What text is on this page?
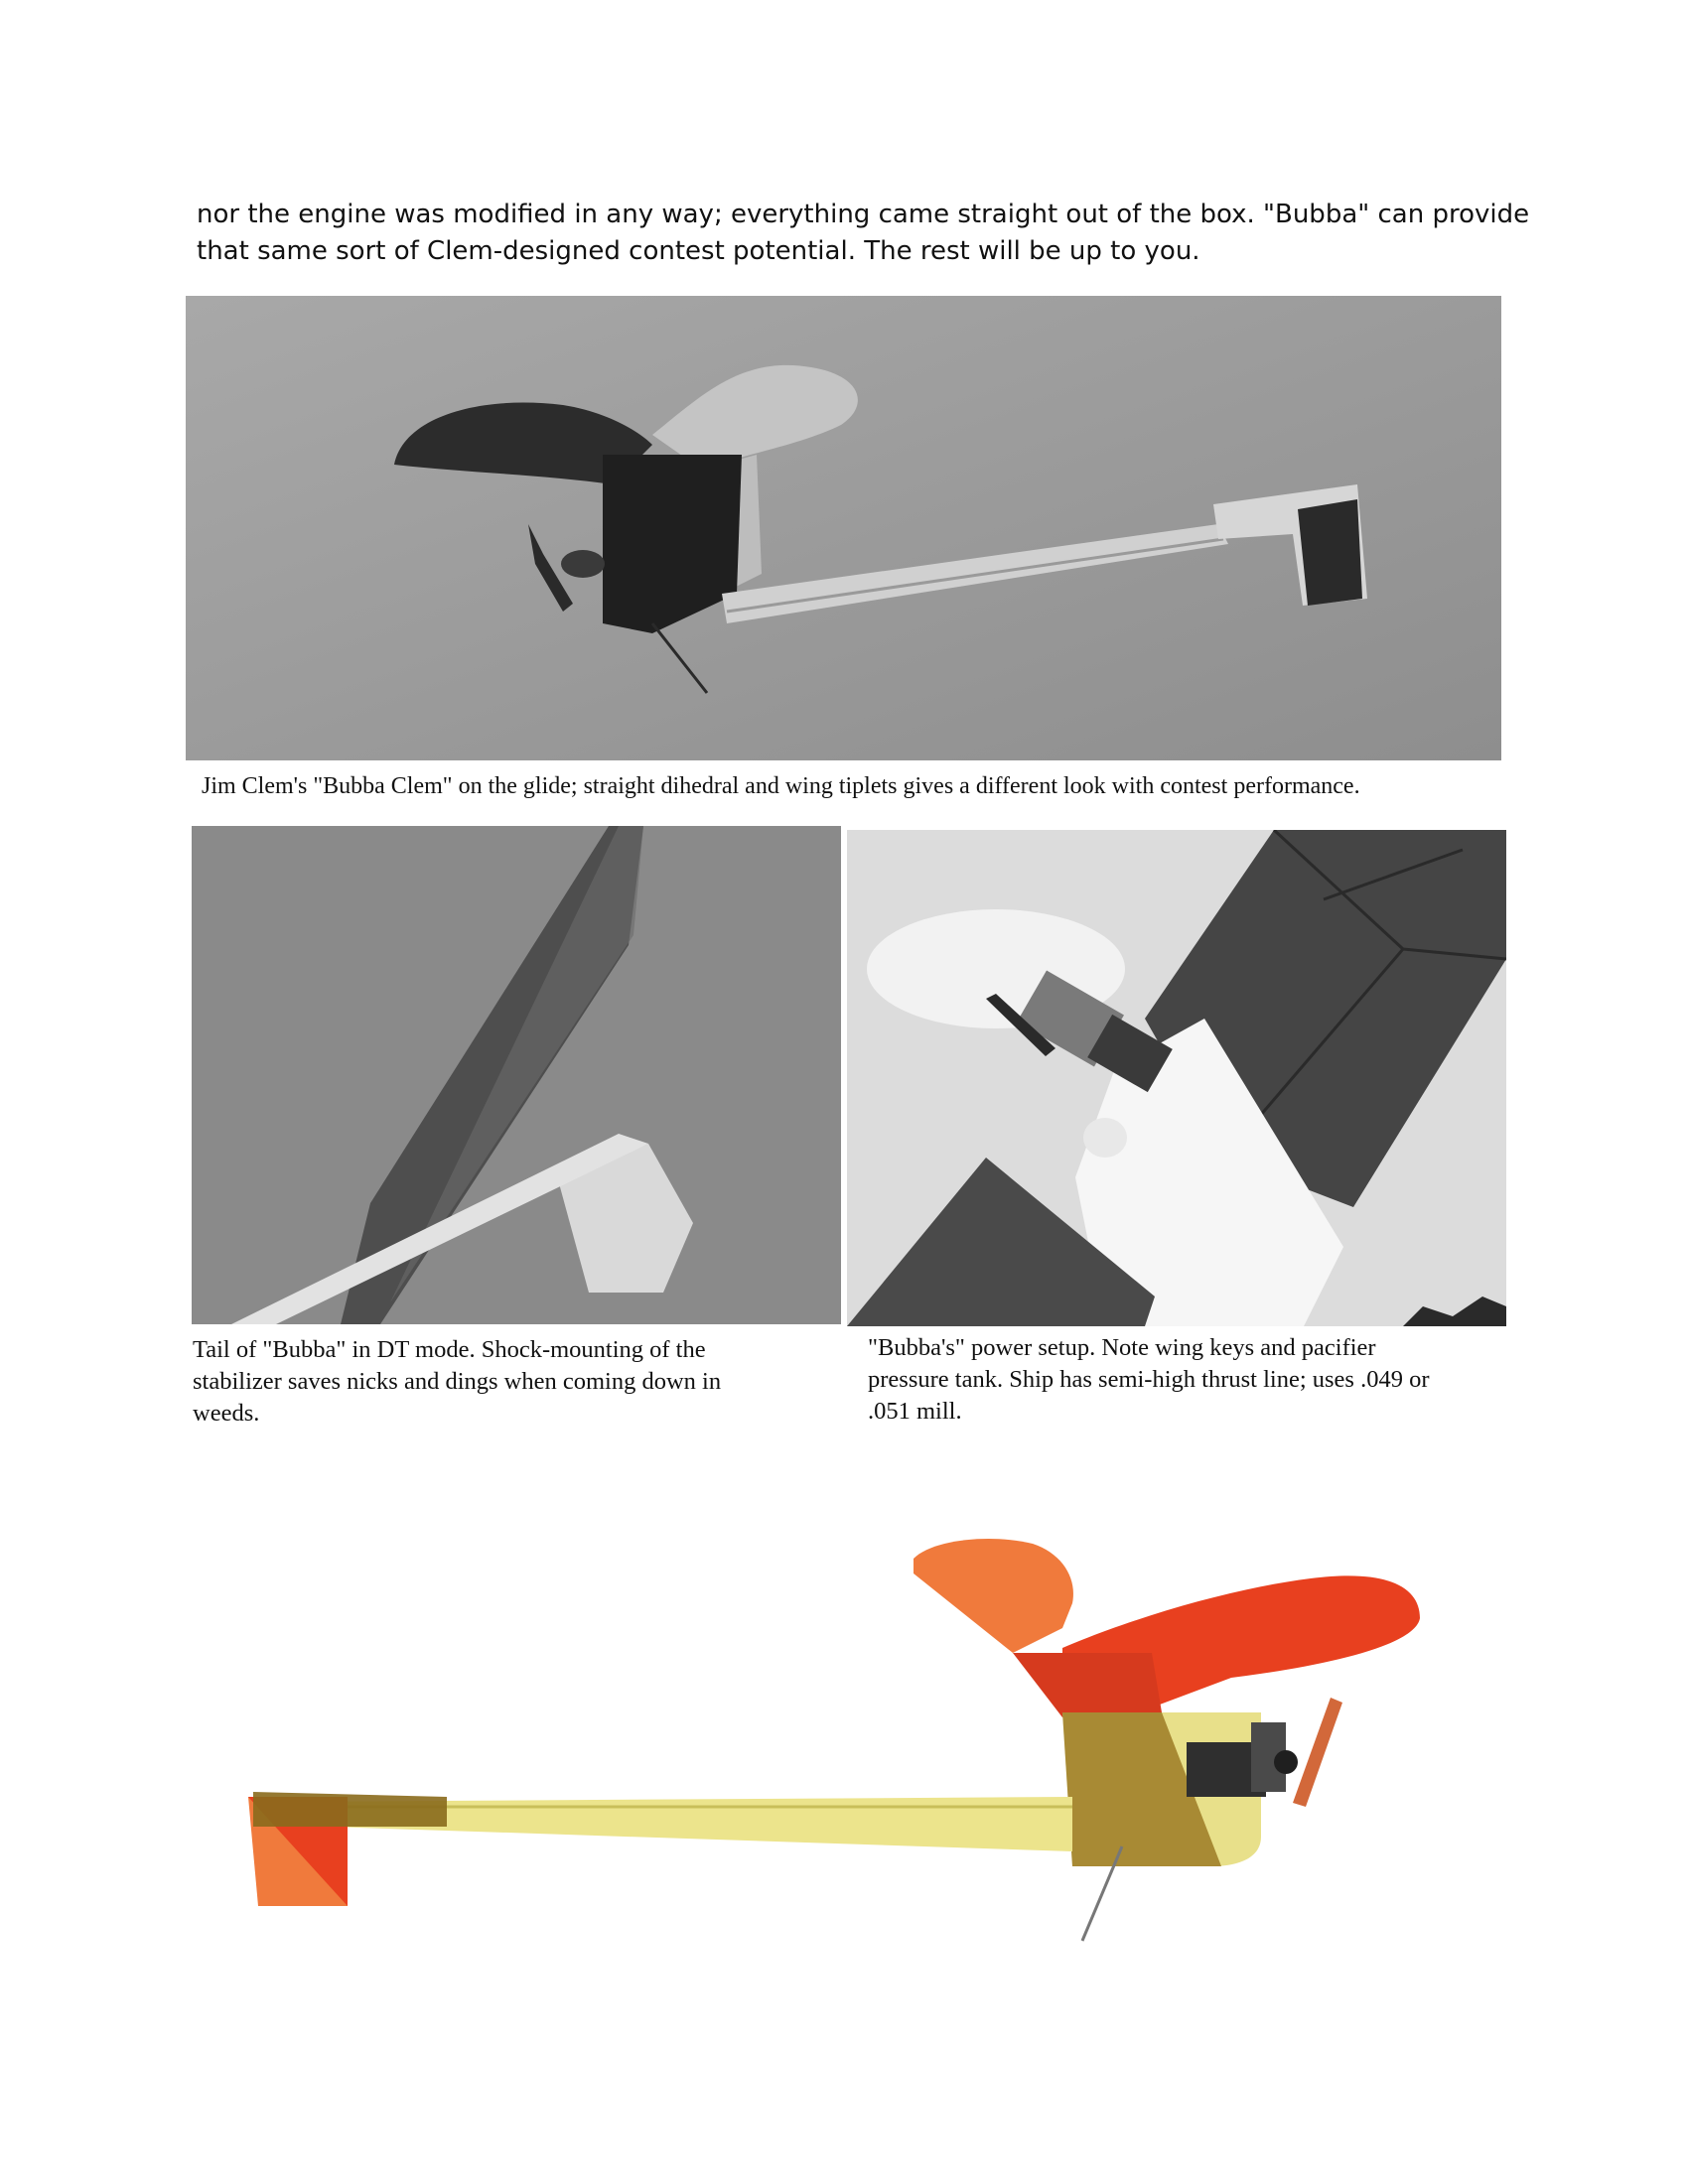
nor the engine was modified in any way; everything came straight out of the box. "Bubba" can provide

that same sort of Clem-designed contest potential. The rest will be up to you.

Jim Clem's "Bubba Clem" on the glide; straight dihedral and wing tiplets gives a different look with contest performance.

Tail of "Bubba" in DT mode. Shock-mounting of the

stabilizer saves nicks and dings when coming down in

weeds.

"Bubba's" power setup. Note wing keys and pacifier

pressure tank. Ship has semi-high thrust line; uses .049 or

.051 mill.
